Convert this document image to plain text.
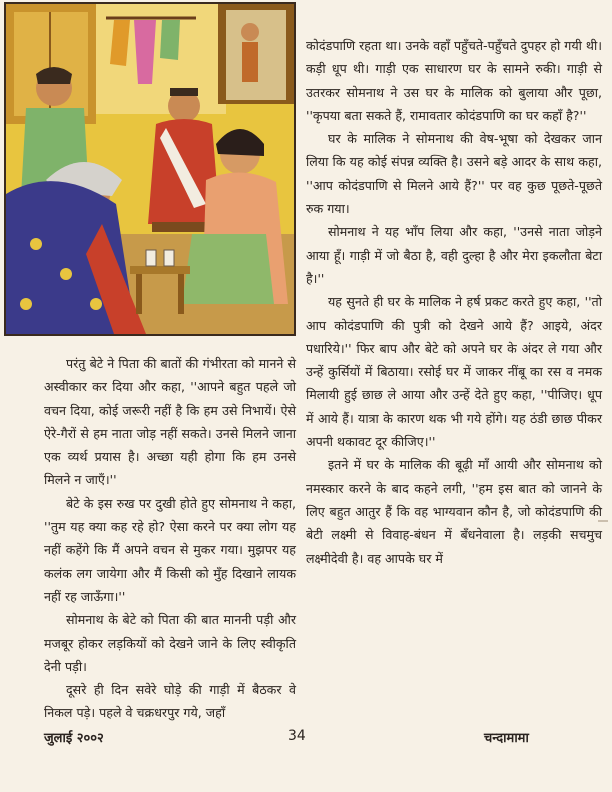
कोदंडपाणि रहता था। उनके वहाँ पहुँचते-पहुँचते दुपहर हो गयी थी। कड़ी धूप थी। गाड़ी एक साधारण घर के सामने रुकी। गाड़ी से उतरकर सोमनाथ ने उस घर के मालिक को बुलाया और पूछा, ''कृपया बता सकते हैं, रामावतार कोदंडपाणि का घर कहाँ है?''

घर के मालिक ने सोमनाथ की वेष-भूषा को देखकर जान लिया कि यह कोई संपन्न व्यक्ति है। उसने बड़े आदर के साथ कहा, ''आप कोदंडपाणि से मिलने आये हैं?'' पर वह कुछ पूछते-पूछते रुक गया।

सोमनाथ ने यह भाँप लिया और कहा, ''उनसे नाता जोड़ने आया हूँ। गाड़ी में जो बैठा है, वही दुल्हा है और मेरा इकलौता बेटा है।''

यह सुनते ही घर के मालिक ने हर्ष प्रकट करते हुए कहा, ''तो आप कोदंडपाणि की पुत्री को देखने आये हैं? आइये, अंदर पधारिये।'' फिर बाप और बेटे को अपने घर के अंदर ले गया और उन्हें कुर्सियों में बिठाया। रसोई घर में जाकर नींबू का रस व नमक मिलायी हुई छाछ ले आया और उन्हें देते हुए कहा, ''पीजिए। धूप में आये हैं। यात्रा के कारण थक भी गये होंगे। यह ठंडी छाछ पीकर अपनी थकावट दूर कीजिए।''

इतने में घर के मालिक की बूढ़ी माँ आयी और सोमनाथ को नमस्कार करने के बाद कहने लगी, ''हम इस बात को जानने के लिए बहुत आतुर हैं कि वह भाग्यवान कौन है, जो कोदंडपाणि की बेटी लक्ष्मी से विवाह-बंधन में बँधनेवाला है। लड़की सचमुच लक्ष्मीदेवी है। वह आपके घर में

परंतु बेटे ने पिता की बातों की गंभीरता को मानने से अस्वीकार कर दिया और कहा, ''आपने बहुत पहले जो वचन दिया, कोई जरूरी नहीं है कि हम उसे निभायें। ऐसे ऐरे-गैरों से हम नाता जोड़ नहीं सकते। उनसे मिलने जाना एक व्यर्थ प्रयास है। अच्छा यही होगा कि हम उनसे मिलने न जाएँ।''

बेटे के इस रुख पर दुखी होते हुए सोमनाथ ने कहा, ''तुम यह क्या कह रहे हो? ऐसा करने पर क्या लोग यह नहीं कहेंगे कि मैं अपने वचन से मुकर गया। मुझपर यह कलंक लग जायेगा और मैं किसी को मुँह दिखाने लायक नहीं रह जाऊँगा।''

सोमनाथ के बेटे को पिता की बात माननी पड़ी और मजबूर होकर लड़कियों को देखने जाने के लिए स्वीकृति देनी पड़ी।

दूसरे ही दिन सवेरे घोड़े की गाड़ी में बैठकर वे निकल पड़े। पहले वे चक्रधरपुर गये, जहाँ

जुलाई २००२	34	चन्दामामा
